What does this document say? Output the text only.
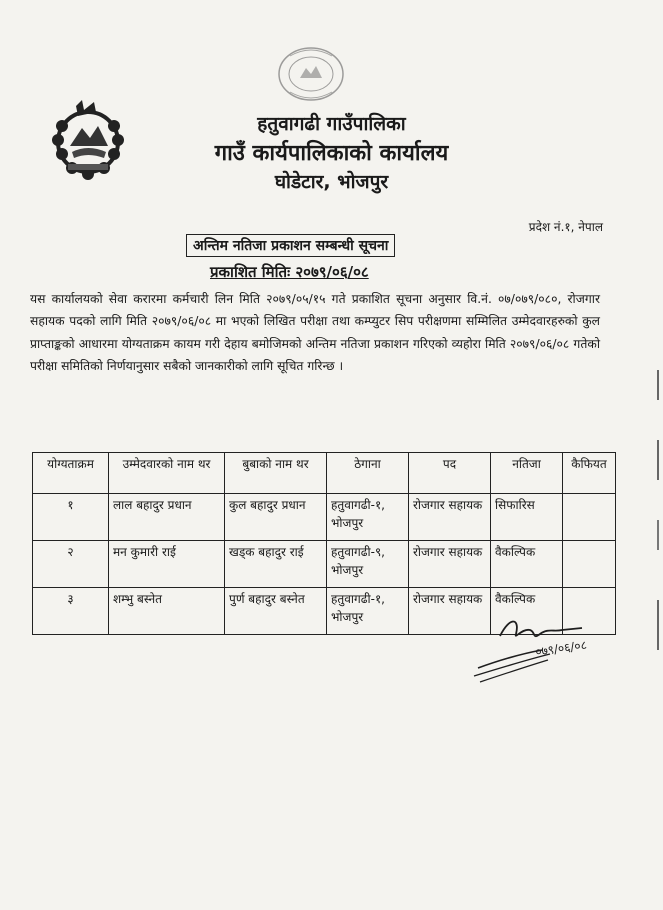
हतुवागढी गाउँपालिका
गाउँ कार्यपालिकाको कार्यालय
घोडेटार, भोजपुर
प्रदेश नं.१, नेपाल
अन्तिम नतिजा प्रकाशन सम्बन्धी सूचना
प्रकाशित मितिः २०७९/०६/०८
यस कार्यालयको सेवा करारमा कर्मचारी लिन मिति २०७९/०५/१५ गते प्रकाशित सूचना अनुसार वि.नं. ०७/०७९/०८०, रोजगार सहायक पदको लागि मिति २०७९/०६/०८ मा भएको लिखित परीक्षा तथा कम्प्युटर सिप परीक्षणमा सम्मिलित उम्मेदवारहरुको कुल प्राप्ताङ्कको आधारमा योग्यताक्रम कायम गरी देहाय बमोजिमको अन्तिम नतिजा प्रकाशन गरिएको व्यहोरा मिति २०७९/०६/०८ गतेको परीक्षा समितिको निर्णयानुसार सबैको जानकारीको लागि सूचित गरिन्छ ।
योग्यताक्रम	उम्मेदवारको नाम थर	बुबाको नाम थर	ठेगाना	पद	नतिजा	कैफियत
१	लाल बहादुर प्रधान	कुल बहादुर प्रधान	हतुवागढी-१, भोजपुर	रोजगार सहायक	सिफारिस	
२	मन कुमारी राई	खड्क बहादुर राई	हतुवागढी-९, भोजपुर	रोजगार सहायक	वैकल्पिक	
३	शम्भु बस्नेत	पुर्ण बहादुर बस्नेत	हतुवागढी-१, भोजपुर	रोजगार सहायक	वैकल्पिक	
०७९/०६/०८
